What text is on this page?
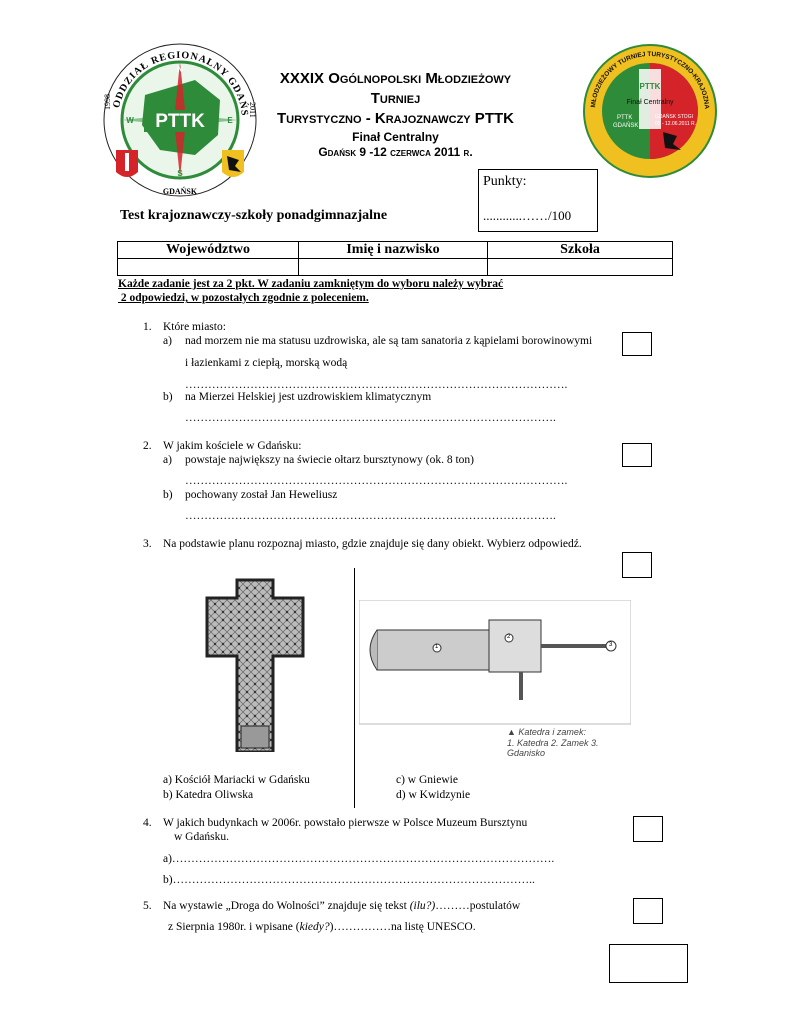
PTTK
N
S
W	E
ODDZIAŁ REGIONALNY GDAŃS
1998	2011
GDAŃSK
XXXIX Ogólnopolski Młodzieżowy
Turniej
Turystyczno - Krajoznawczy PTTK
Finał Centralny
Gdańsk 9 -12 czerwca 2011 r.
MŁODZIEŻOWY TURNIEJ TURYSTYCZNO-KRAJOZNA
Finał Centralny
PTTK
GDAŃSK
GDAŃSK STOGI
09 - 12.06.2011 R.
PTTK
Punkty:
............……/100
Test krajoznawczy-szkoły ponadgimnazjalne
Województwo	Imię i nazwisko	Szkoła

Każde zadanie jest za 2 pkt. W zadaniu zamkniętym do wyboru należy wybrać
2 odpowiedzi, w pozostałych zgodnie z poleceniem.
1. Które miasto:
a) nad morzem nie ma statusu uzdrowiska, ale są tam sanatoria z kąpielami borowinowymi
i łazienkami z ciepłą, morską wodą
……………………………………………………………………………………….
b) na Mierzei Helskiej jest uzdrowiskiem klimatycznym
…………………………………………………………………………………….
2. W jakim kościele w Gdańsku:
a) powstaje największy na świecie ołtarz bursztynowy (ok. 8 ton)
……………………………………………………………………………………….
b) pochowany został Jan Heweliusz
…………………………………………………………………………………….
3. Na podstawie planu rozpoznaj miasto, gdzie znajduje się dany obiekt. Wybierz odpowiedź.
1
2
3
▲ Katedra i zamek:
1. Katedra 2. Zamek 3. Gdanisko
a) Kościół Mariacki w Gdańsku
b) Katedra Oliwska
c) w Gniewie
d) w Kwidzynie
4. W jakich budynkach w 2006r. powstało pierwsze w Polsce Muzeum Bursztynu
w Gdańsku.
a)……………………………………………………………………………………….
b)…………………………………………………………………………………..
5. Na wystawie „Droga do Wolności” znajduje się tekst (ilu?)………postulatów
z Sierpnia 1980r. i wpisane (kiedy?)……………na listę UNESCO.
